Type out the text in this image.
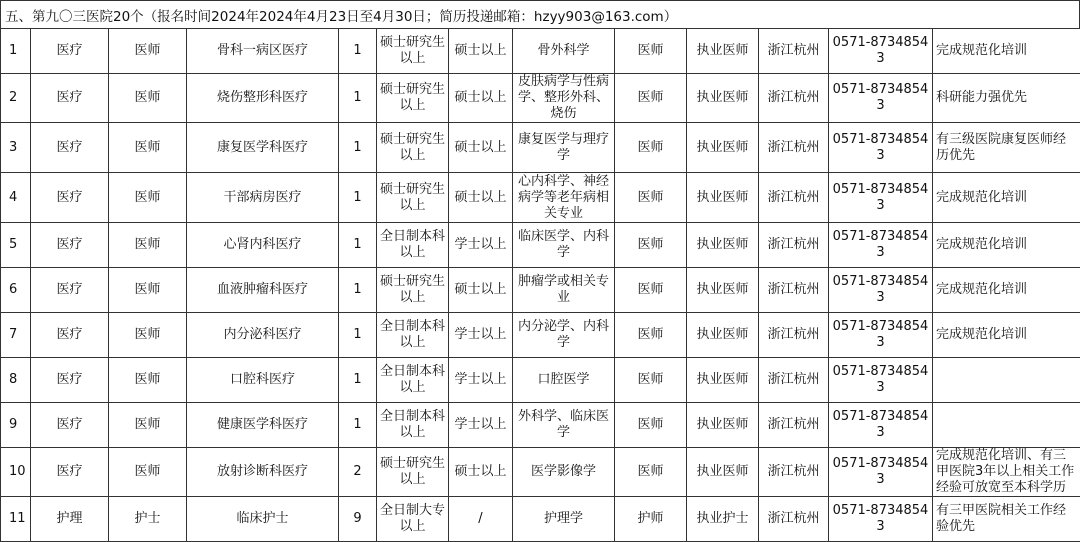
五、第九〇三医院20个（报名时间2024年2024年4月23日至4月30日；简历投递邮箱：hzyy903@163.com）
1	医疗	医师	骨科一病区医疗	1	硕士研究生以上	硕士以上	骨外科学	医师	执业医师	浙江杭州	0571-87348543	完成规范化培训
2	医疗	医师	烧伤整形科医疗	1	硕士研究生以上	硕士以上	皮肤病学与性病学、整形外科、烧伤	医师	执业医师	浙江杭州	0571-87348543	科研能力强优先
3	医疗	医师	康复医学科医疗	1	硕士研究生以上	硕士以上	康复医学与理疗学	医师	执业医师	浙江杭州	0571-87348543	有三级医院康复医师经历优先
4	医疗	医师	干部病房医疗	1	硕士研究生以上	硕士以上	心内科学、神经病学等老年病相关专业	医师	执业医师	浙江杭州	0571-87348543	完成规范化培训
5	医疗	医师	心肾内科医疗	1	全日制本科以上	学士以上	临床医学、内科学	医师	执业医师	浙江杭州	0571-87348543	完成规范化培训
6	医疗	医师	血液肿瘤科医疗	1	硕士研究生以上	硕士以上	肿瘤学或相关专业	医师	执业医师	浙江杭州	0571-87348543	完成规范化培训
7	医疗	医师	内分泌科医疗	1	全日制本科以上	学士以上	内分泌学、内科学	医师	执业医师	浙江杭州	0571-87348543	完成规范化培训
8	医疗	医师	口腔科医疗	1	全日制本科以上	学士以上	口腔医学	医师	执业医师	浙江杭州	0571-87348543	
9	医疗	医师	健康医学科医疗	1	全日制本科以上	学士以上	外科学、临床医学	医师	执业医师	浙江杭州	0571-87348543	
10	医疗	医师	放射诊断科医疗	2	硕士研究生以上	硕士以上	医学影像学	医师	执业医师	浙江杭州	0571-87348543	完成规范化培训、有三甲医院3年以上相关工作经验可放宽至本科学历
11	护理	护士	临床护士	9	全日制大专以上	/	护理学	护师	执业护士	浙江杭州	0571-87348543	有三甲医院相关工作经验优先
